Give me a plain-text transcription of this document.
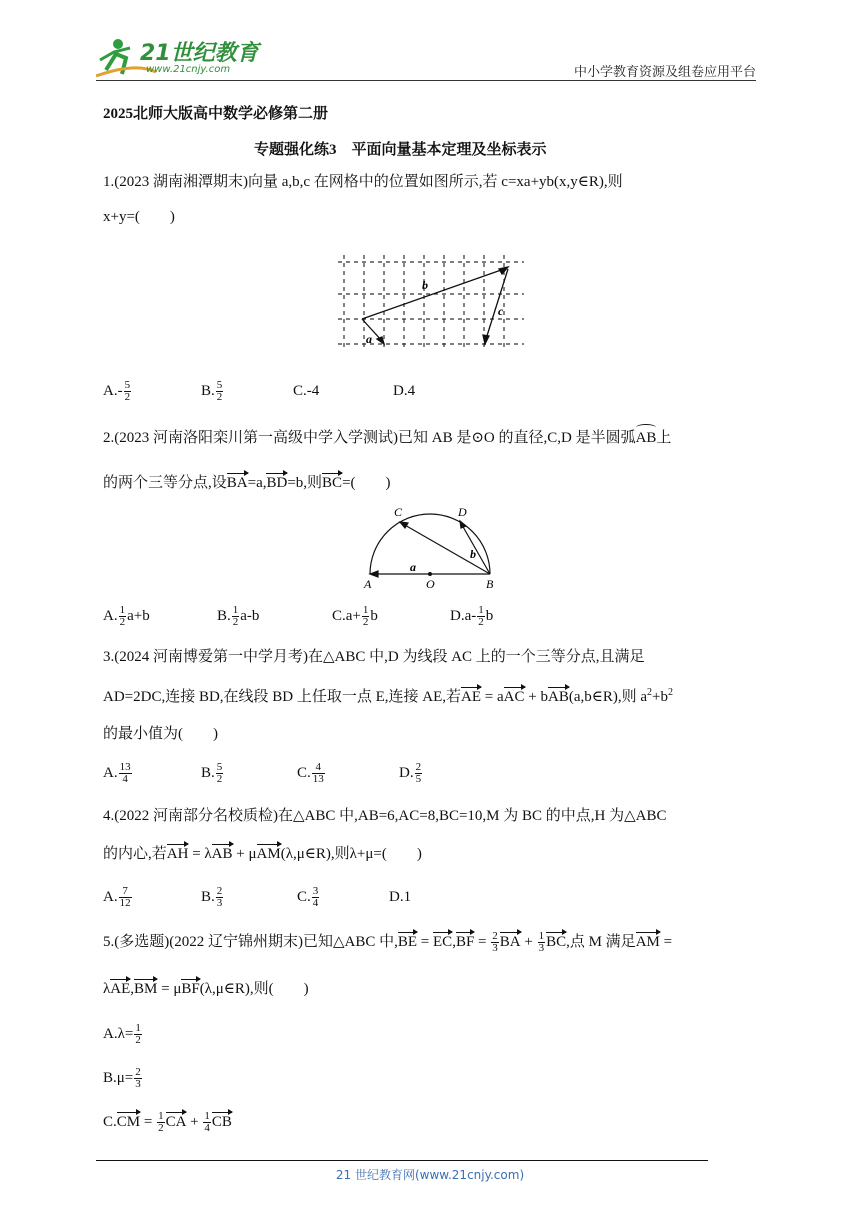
21世纪教育
www.21cnjy.com	中小学教育资源及组卷应用平台
2025北师大版高中数学必修第二册
专题强化练3　平面向量基本定理及坐标表示
1.(2023 湖南湘潭期末)向量 a,b,c 在网格中的位置如图所示,若 c=xa+yb(x,y∈R),则
x+y=(　　)
b
a
c
$A.- \frac{5}{2}$	B. $\frac{5}{2}$	C.-4	D.4
2.(2023 河南洛阳栾川第一高级中学入学测试)已知 AB 是⊙O 的直径,C,D 是半圆弧AB上
的两个三等分点,设BA=a,BD=b,则BC=(　　)
C	D
b
a
A	O	B
A. $\frac{1}{2} a+b$	B. $\frac{1}{2} a-b$	$C.a+ \frac{1}{2}$ b	$D.a- \frac{1}{2}$ b
3.(2024 河南博爱第一中学月考)在△ABC 中,D 为线段 AC 上的一个三等分点,且满足
AD=2DC,连接 BD,在线段 BD 上任取一点 E,连接 AE,若AE = aAC + bAB(a,b∈R),则 $a^2+b^2$
的最小值为(　　)
A. $\frac{13}{4}$	B. $\frac{5}{2}$	C. $\frac{4}{13}$	D. $\frac{2}{5}$
4.(2022 河南部分名校质检)在△ABC 中,AB=6,AC=8,BC=10,M 为 BC 的中点,H 为△ABC
的内心,若AH = λAB + μAM(λ,μ∈R),则λ+μ=(　　)
A. $\frac{7}{12}$	B. $\frac{2}{3}$	C. $\frac{3}{4}$	D.1
5.(多选题)(2022 辽宁锦州期末)已知△ABC 中$,BE = EC,BF = \frac{2}{3}$ BA + $\frac{1}{3}$ BC,点 M 满足AM =
λAE,BM = μBF(λ,μ∈R),则(　　)
$A.\lambda= \frac{1}{2}$
$B.\mu= \frac{2}{3}$
$C.CM = \frac{1}{2}$ CA + $\frac{1}{4}$ CB
21 世纪教育网(www.21cnjy.com)
